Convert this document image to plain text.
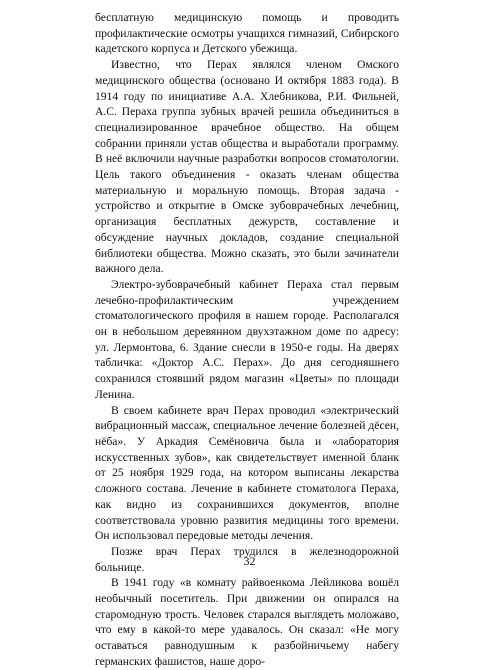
бесплатную медицинскую помощь и проводить профилактические осмотры учащихся гимназий, Сибирского кадетского корпуса и Детского убежища.

Известно, что Перах являлся членом Омского медицинского общества (основано И октября 1883 года). В 1914 году по инициативе А.А. Хлебникова, Р.И. Фильней, А.С. Пераха группа зубных врачей решила объединиться в специализированное врачебное общество. На общем собрании приняли устав общества и выработали программу. В неё включили научные разработки вопросов стоматологии. Цель такого объединения - оказать членам общества материальную и моральную помощь. Вторая задача - устройство и открытие в Омске зубоврачебных лечебниц, организация бесплатных дежурств, составление и обсуждение научных докладов, создание специальной библиотеки общества. Можно сказать, это были зачинатели важного дела.

Электро-зубоврачебный кабинет Пераха стал первым лечебно-профилактическим учреждением стоматологического профиля в нашем городе. Располагался он в небольшом деревянном двухэтажном доме по адресу: ул. Лермонтова, 6. Здание снесли в 1950-е годы. На дверях табличка: «Доктор А.С. Перах». До дня сегодняшнего сохранился стоявший рядом магазин «Цветы» по площади Ленина.

В своем кабинете врач Перах проводил «электрический вибрационный массаж, специальное лечение болезней дёсен, нёба». У Аркадия Семёновича была и «лаборатория искусственных зубов», как свидетельствует именной бланк от 25 ноября 1929 года, на котором выписаны лекарства сложного состава. Лечение в кабинете стоматолога Пераха, как видно из сохранившихся документов, вполне соответствовала уровню развития медицины того времени. Он использовал передовые методы лечения.

Позже врач Перах трудился в железнодорожной больнице.

В 1941 году «в комнату райвоенкома Лейликова вошёл необычный посетитель. При движении он опирался на старомодную трость. Человек старался выглядеть моложаво, что ему в какой-то мере удавалось. Он сказал: «Не могу оставаться равнодушным к разбойничьему набегу германских фашистов, наше доро-

32
